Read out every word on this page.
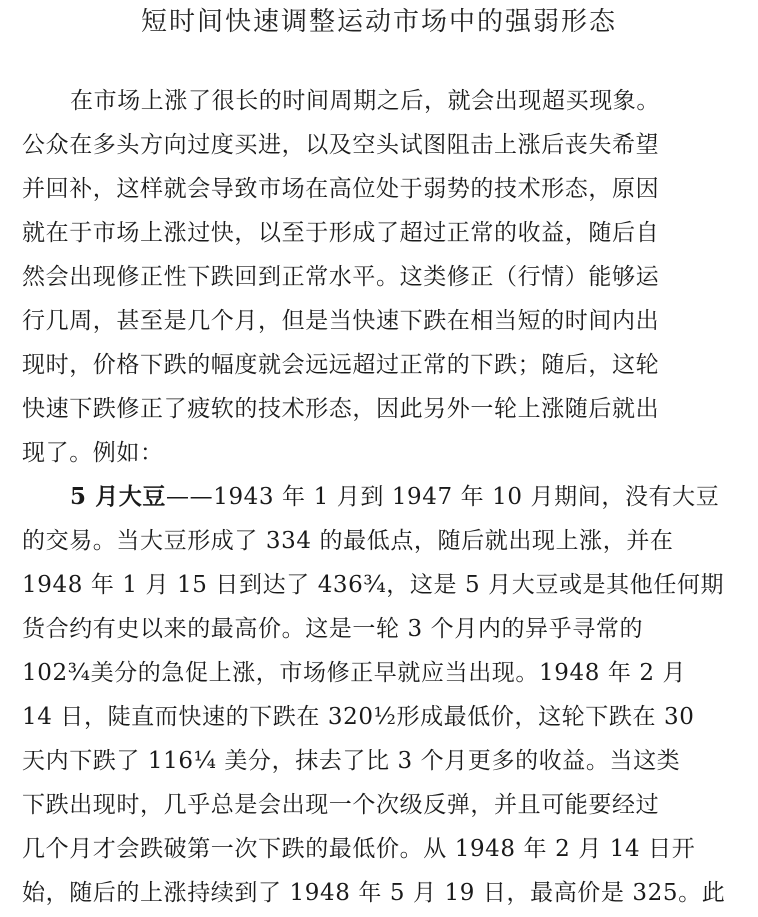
短时间快速调整运动市场中的强弱形态
在市场上涨了很长的时间周期之后，就会出现超买现象。
公众在多头方向过度买进，以及空头试图阻击上涨后丧失希望
并回补，这样就会导致市场在高位处于弱势的技术形态，原因
就在于市场上涨过快，以至于形成了超过正常的收益，随后自
然会出现修正性下跌回到正常水平。这类修正（行情）能够运
行几周，甚至是几个月，但是当快速下跌在相当短的时间内出
现时，价格下跌的幅度就会远远超过正常的下跌；随后，这轮
快速下跌修正了疲软的技术形态，因此另外一轮上涨随后就出
现了。例如：
5 月大豆——1943 年 1 月到 1947 年 10 月期间，没有大豆
的交易。当大豆形成了 334 的最低点，随后就出现上涨，并在
1948 年 1 月 15 日到达了 436¾，这是 5 月大豆或是其他任何期
货合约有史以来的最高价。这是一轮 3 个月内的异乎寻常的
102¾美分的急促上涨，市场修正早就应当出现。1948 年 2 月
14 日，陡直而快速的下跌在 320½形成最低价，这轮下跌在 30
天内下跌了 116¼ 美分，抹去了比 3 个月更多的收益。当这类
下跌出现时，几乎总是会出现一个次级反弹，并且可能要经过
几个月才会跌破第一次下跌的最低价。从 1948 年 2 月 14 日开
始，随后的上涨持续到了 1948 年 5 月 19 日，最高价是 325。此
